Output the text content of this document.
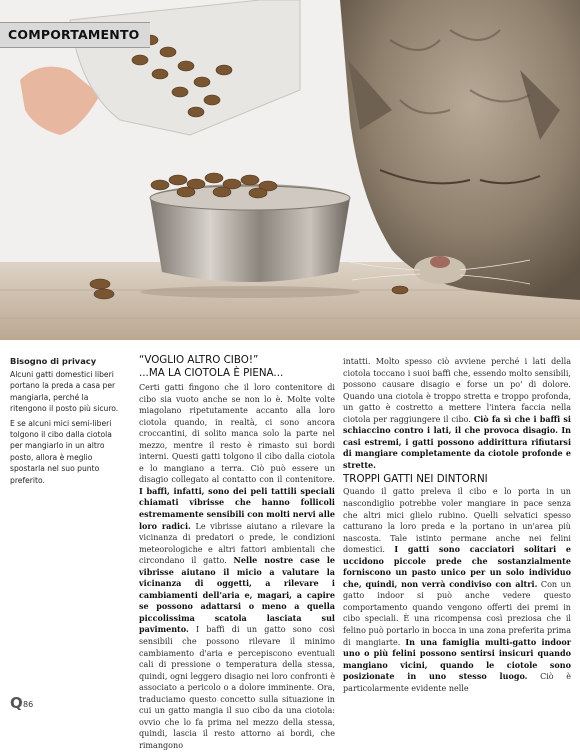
COMPORTAMENTO
Bisogno di privacy

Alcuni gatti domestici liberi portano la preda a casa per mangiarla, perché la ritengono il posto più sicuro.

E se alcuni mici semi-liberi tolgono il cibo dalla ciotola per mangiarlo in un altro posto, allora è meglio spostarla nel suo punto preferito.

“VOGLIO ALTRO CIBO!”
...MA LA CIOTOLA È PIENA...

Certi gatti fingono che il loro contenitore di cibo sia vuoto anche se non lo è. Molte volte miagolano ripetutamente accanto alla loro ciotola quando, in realtà, ci sono ancora croccantini, di solito manca solo la parte nel mezzo, mentre il resto è rimasto sui bordi interni. Questi gatti tolgono il cibo dalla ciotola e lo mangiano a terra. Ciò può essere un disagio collegato al contatto con il contenitore. I baffi, infatti, sono dei peli tattili speciali chiamati vibrisse che hanno follicoli estremamente sensibili con molti nervi alle loro radici. Le vibrisse aiutano a rilevare la vicinanza di predatori o prede, le condizioni meteorologiche e altri fattori ambientali che circondano il gatto. Nelle nostre case le vibrisse aiutano il micio a valutare la vicinanza di oggetti, a rilevare i cambiamenti dell'aria e, magari, a capire se possono adattarsi o meno a quella piccolissima scatola lasciata sul pavimento. I baffi di un gatto sono così sensibili che possono rilevare il minimo cambiamento d'aria e percepiscono eventuali cali di pressione o temperatura della stessa, quindi, ogni leggero disagio nei loro confronti è associato a pericolo o a dolore imminente. Ora, traduciamo questo concetto sulla situazione in cui un gatto mangia il suo cibo da una ciotola: ovvio che lo fa prima nel mezzo della stessa, quindi, lascia il resto attorno ai bordi, che rimangono

intatti. Molto spesso ciò avviene perché i lati della ciotola toccano i suoi baffi che, essendo molto sensibili, possono causare disagio e forse un po' di dolore. Quando una ciotola è troppo stretta e troppo profonda, un gatto è costretto a mettere l'intera faccia nella ciotola per raggiungere il cibo. Ciò fa sì che i baffi si schiaccino contro i lati, il che provoca disagio. In casi estremi, i gatti possono addirittura rifiutarsi di mangiare completamente da ciotole profonde e strette.

TROPPI GATTI NEI DINTORNI

Quando il gatto preleva il cibo e lo porta in un nascondiglio potrebbe voler mangiare in pace senza che altri mici glielo rubino. Quelli selvatici spesso catturano la loro preda e la portano in un'area più nascosta. Tale istinto permane anche nei felini domestici. I gatti sono cacciatori solitari e uccidono piccole prede che sostanzialmente forniscono un pasto unico per un solo individuo che, quindi, non verrà condiviso con altri. Con un gatto indoor si può anche vedere questo comportamento quando vengono offerti dei premi in cibo speciali. È una ricompensa così preziosa che il felino può portarlo in bocca in una zona preferita prima di mangiarte. In una famiglia multi-gatto indoor uno o più felini possono sentirsi insicuri quando mangiano vicini, quando le ciotole sono posizionate in uno stesso luogo. Ciò è particolarmente evidente nelle

Q 86
